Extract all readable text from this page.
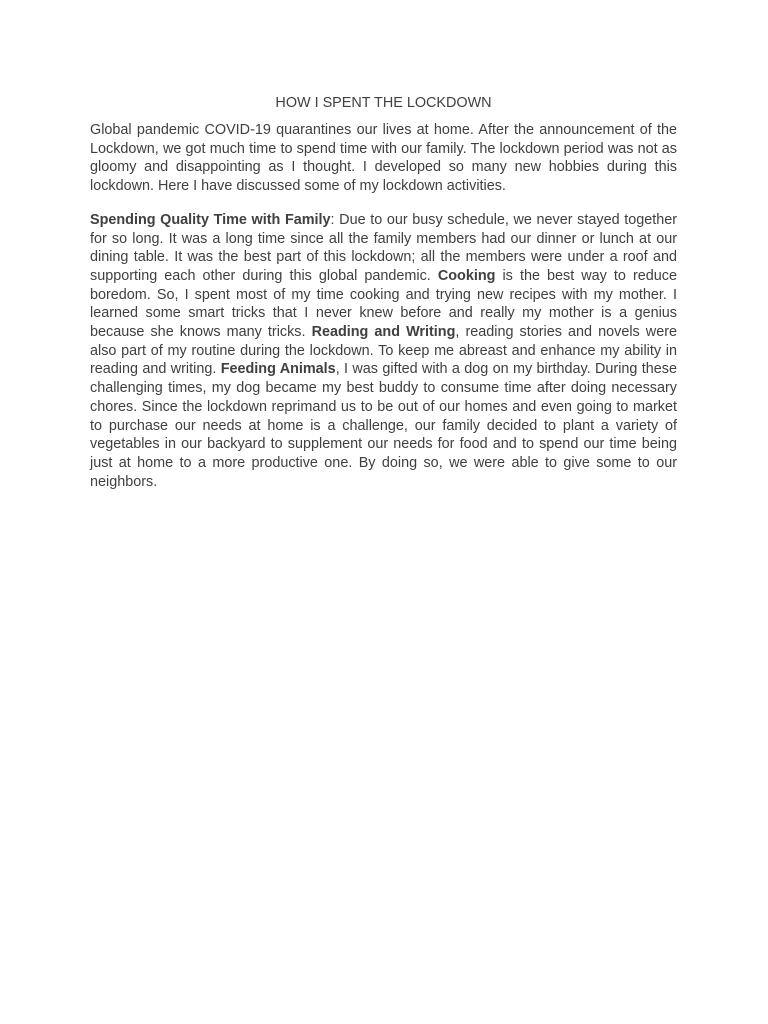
HOW I SPENT THE LOCKDOWN

Global pandemic COVID-19 quarantines our lives at home. After the announcement of the Lockdown, we got much time to spend time with our family. The lockdown period was not as gloomy and disappointing as I thought. I developed so many new hobbies during this lockdown. Here I have discussed some of my lockdown activities.

Spending Quality Time with Family: Due to our busy schedule, we never stayed together for so long. It was a long time since all the family members had our dinner or lunch at our dining table. It was the best part of this lockdown; all the members were under a roof and supporting each other during this global pandemic. Cooking is the best way to reduce boredom. So, I spent most of my time cooking and trying new recipes with my mother. I learned some smart tricks that I never knew before and really my mother is a genius because she knows many tricks. Reading and Writing, reading stories and novels were also part of my routine during the lockdown. To keep me abreast and enhance my ability in reading and writing. Feeding Animals, I was gifted with a dog on my birthday. During these challenging times, my dog became my best buddy to consume time after doing necessary chores. Since the lockdown reprimand us to be out of our homes and even going to market to purchase our needs at home is a challenge, our family decided to plant a variety of vegetables in our backyard to supplement our needs for food and to spend our time being just at home to a more productive one. By doing so, we were able to give some to our neighbors.
